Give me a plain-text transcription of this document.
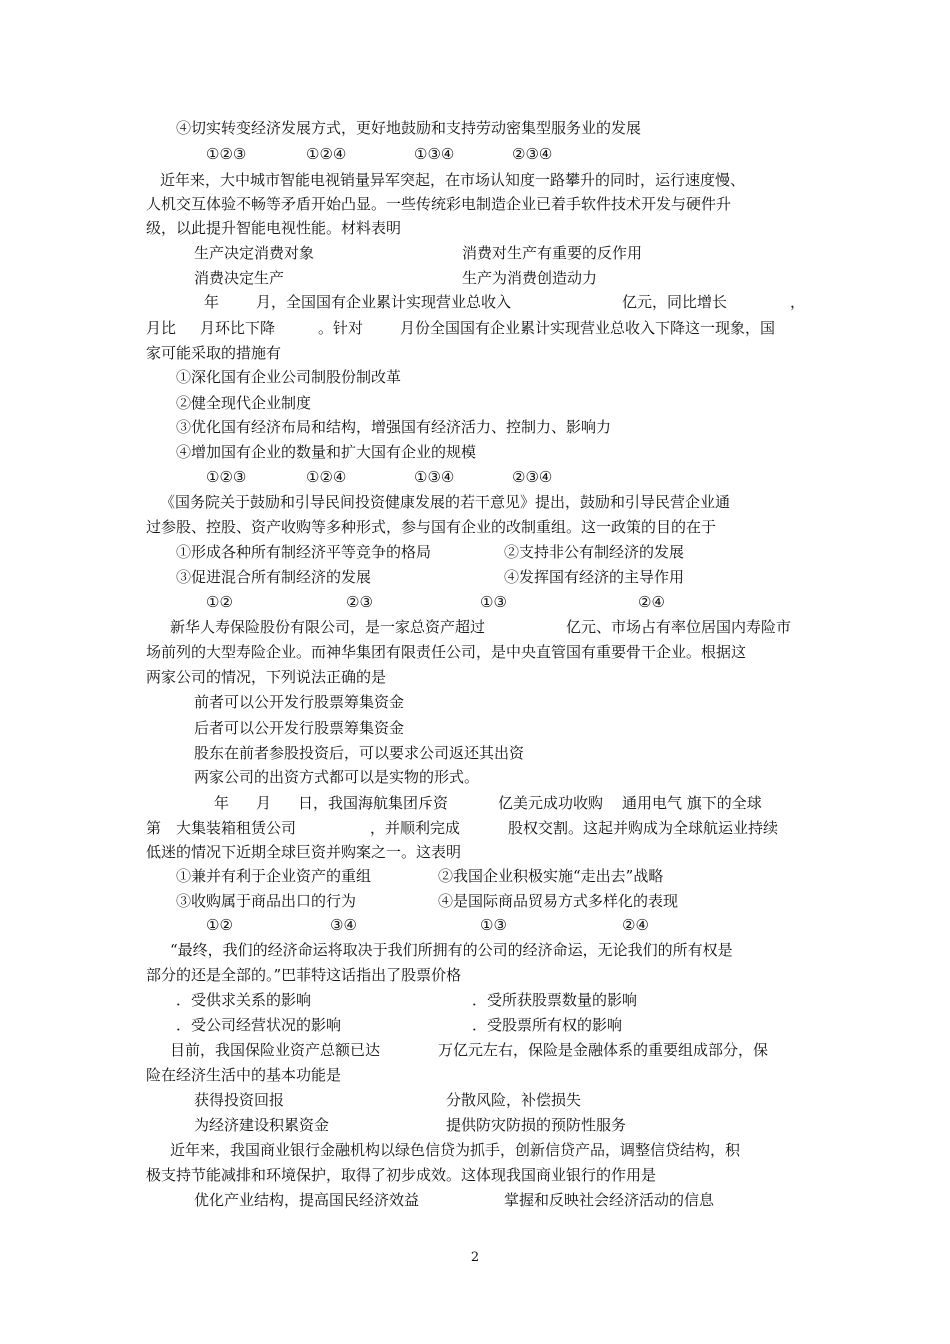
2
④切实转变经济发展方式，更好地鼓励和支持劳动密集型服务业的发展
①②③	①②④	①③④	②③④
近年来，大中城市智能电视销量异军突起，在市场认知度一路攀升的同时，运行速度慢、
人机交互体验不畅等矛盾开始凸显。一些传统彩电制造企业已着手软件技术开发与硬件升
级，以此提升智能电视性能。材料表明
生产决定消费对象	消费对生产有重要的反作用
消费决定生产	生产为消费创造动力
年 月，全国国有企业累计实现营业总收入	亿元，同比增长	，
月比 月环比下降	。针对 月份全国国有企业累计实现营业总收入下降这一现象，国
家可能采取的措施有
①深化国有企业公司制股份制改革
②健全现代企业制度
③优化国有经济布局和结构，增强国有经济活力、控制力、影响力
④增加国有企业的数量和扩大国有企业的规模
①②③	①②④	①③④	②③④
《国务院关于鼓励和引导民间投资健康发展的若干意见》提出，鼓励和引导民营企业通
过参股、控股、资产收购等多种形式，参与国有企业的改制重组。这一政策的目的在于
①形成各种所有制经济平等竞争的格局	②支持非公有制经济的发展
③促进混合所有制经济的发展	④发挥国有经济的主导作用
①②	②③	①③	②④
新华人寿保险股份有限公司，是一家总资产超过	亿元、市场占有率位居国内寿险市
场前列的大型寿险企业。而神华集团有限责任公司，是中央直管国有重要骨干企业。根据这
两家公司的情况，下列说法正确的是
前者可以公开发行股票筹集资金
后者可以公开发行股票筹集资金
股东在前者参股投资后，可以要求公司返还其出资
两家公司的出资方式都可以是实物的形式。
年 月 日，我国海航集团斥资	亿美元成功收购 通用电气 旗下的全球
第 大集装箱租赁公司	，并顺利完成	股权交割。这起并购成为全球航运业持续
低迷的情况下近期全球巨资并购案之一。这表明
①兼并有利于企业资产的重组	②我国企业积极实施“走出去”战略
③收购属于商品出口的行为	④是国际商品贸易方式多样化的表现
①②	③④	①③	②④
“最终，我们的经济命运将取决于我们所拥有的公司的经济命运，无论我们的所有权是
部分的还是全部的。”巴菲特这话指出了股票价格
．受供求关系的影响	．受所获股票数量的影响
．受公司经营状况的影响	．受股票所有权的影响
目前，我国保险业资产总额已达	万亿元左右，保险是金融体系的重要组成部分，保
险在经济生活中的基本功能是
获得投资回报	分散风险，补偿损失
为经济建设积累资金	提供防灾防损的预防性服务
近年来，我国商业银行金融机构以绿色信贷为抓手，创新信贷产品，调整信贷结构，积
极支持节能减排和环境保护，取得了初步成效。这体现我国商业银行的作用是
优化产业结构，提高国民经济效益	掌握和反映社会经济活动的信息
